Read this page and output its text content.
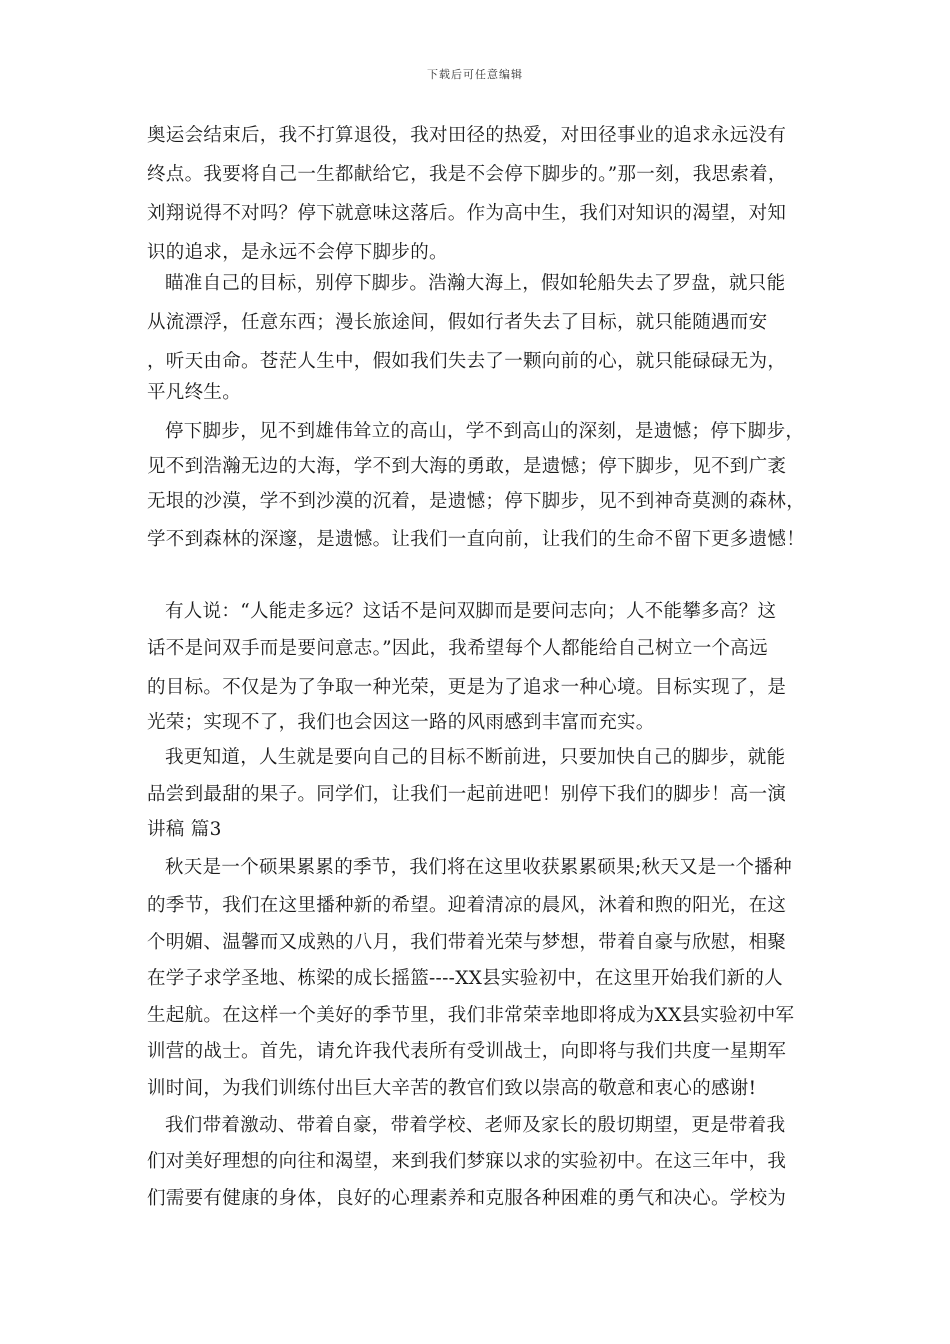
下载后可任意编辑
奥运会结束后，我不打算退役，我对田径的热爱，对田径事业的追求永远没有
终点。我要将自己一生都献给它，我是不会停下脚步的。”那一刻，我思索着，
刘翔说得不对吗？停下就意味这落后。作为高中生，我们对知识的渴望，对知
识的追求，是永远不会停下脚步的。
瞄准自己的目标，别停下脚步。浩瀚大海上，假如轮船失去了罗盘，就只能
从流漂浮，任意东西；漫长旅途间，假如行者失去了目标，就只能随遇而安
，听天由命。苍茫人生中，假如我们失去了一颗向前的心，就只能碌碌无为，
平凡终生。
停下脚步，见不到雄伟耸立的高山，学不到高山的深刻，是遗憾；停下脚步，
见不到浩瀚无边的大海，学不到大海的勇敢，是遗憾；停下脚步，见不到广袤
无垠的沙漠，学不到沙漠的沉着，是遗憾；停下脚步，见不到神奇莫测的森林，
学不到森林的深邃，是遗憾。让我们一直向前，让我们的生命不留下更多遗憾！
有人说：“人能走多远？这话不是问双脚而是要问志向；人不能攀多高？这
话不是问双手而是要问意志。”因此，我希望每个人都能给自己树立一个高远
的目标。不仅是为了争取一种光荣，更是为了追求一种心境。目标实现了，是
光荣；实现不了，我们也会因这一路的风雨感到丰富而充实。
我更知道，人生就是要向自己的目标不断前进，只要加快自己的脚步，就能
品尝到最甜的果子。同学们，让我们一起前进吧！别停下我们的脚步！高一演
讲稿 篇3
秋天是一个硕果累累的季节，我们将在这里收获累累硕果;秋天又是一个播种
的季节，我们在这里播种新的希望。迎着清凉的晨风，沐着和煦的阳光，在这
个明媚、温馨而又成熟的八月，我们带着光荣与梦想，带着自豪与欣慰，相聚
在学子求学圣地、栋梁的成长摇篮----XX县实验初中，在这里开始我们新的人
生起航。在这样一个美好的季节里，我们非常荣幸地即将成为XX县实验初中军
训营的战士。首先，请允许我代表所有受训战士，向即将与我们共度一星期军
训时间，为我们训练付出巨大辛苦的教官们致以崇高的敬意和衷心的感谢!
我们带着激动、带着自豪，带着学校、老师及家长的殷切期望，更是带着我
们对美好理想的向往和渴望，来到我们梦寐以求的实验初中。在这三年中，我
们需要有健康的身体，良好的心理素养和克服各种困难的勇气和决心。学校为
